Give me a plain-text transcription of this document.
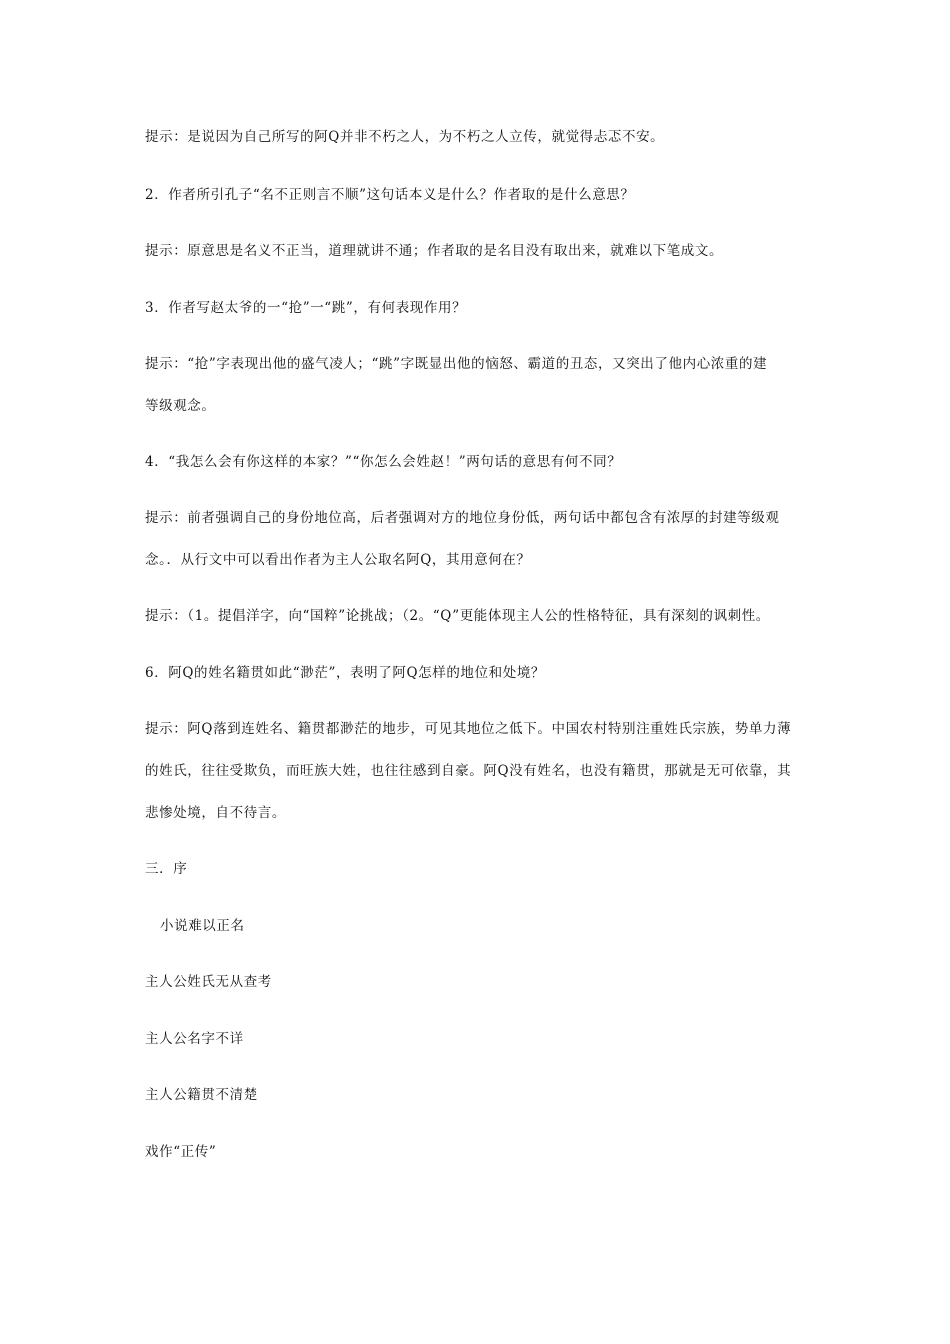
提示：是说因为自己所写的阿Q并非不朽之人，为不朽之人立传，就觉得忐忑不安。
2．作者所引孔子“名不正则言不顺”这句话本义是什么？作者取的是什么意思？
提示：原意思是名义不正当，道理就讲不通；作者取的是名目没有取出来，就难以下笔成文。
3．作者写赵太爷的一“抢”一“跳”，有何表现作用？
提示：“抢”字表现出他的盛气凌人；“跳”字既显出他的恼怒、霸道的丑态，又突出了他内心浓重的建
等级观念。
4．“我怎么会有你这样的本家？”“你怎么会姓赵！”两句话的意思有何不同？
提示：前者强调自己的身份地位高，后者强调对方的地位身份低，两句话中都包含有浓厚的封建等级观
念。．从行文中可以看出作者为主人公取名阿Q，其用意何在？
提示：（1。提倡洋字，向“国粹”论挑战；（2。“Q”更能体现主人公的性格特征，具有深刻的讽刺性。
6．阿Q的姓名籍贯如此“渺茫”，表明了阿Q怎样的地位和处境？
提示：阿Q落到连姓名、籍贯都渺茫的地步，可见其地位之低下。中国农村特别注重姓氏宗族，势单力薄
的姓氏，往往受欺负，而旺族大姓，也往往感到自豪。阿Q没有姓名，也没有籍贯，那就是无可依靠，其
悲惨处境，自不待言。
三．序
小说难以正名
主人公姓氏无从查考
主人公名字不详
主人公籍贯不清楚
戏作“正传”
